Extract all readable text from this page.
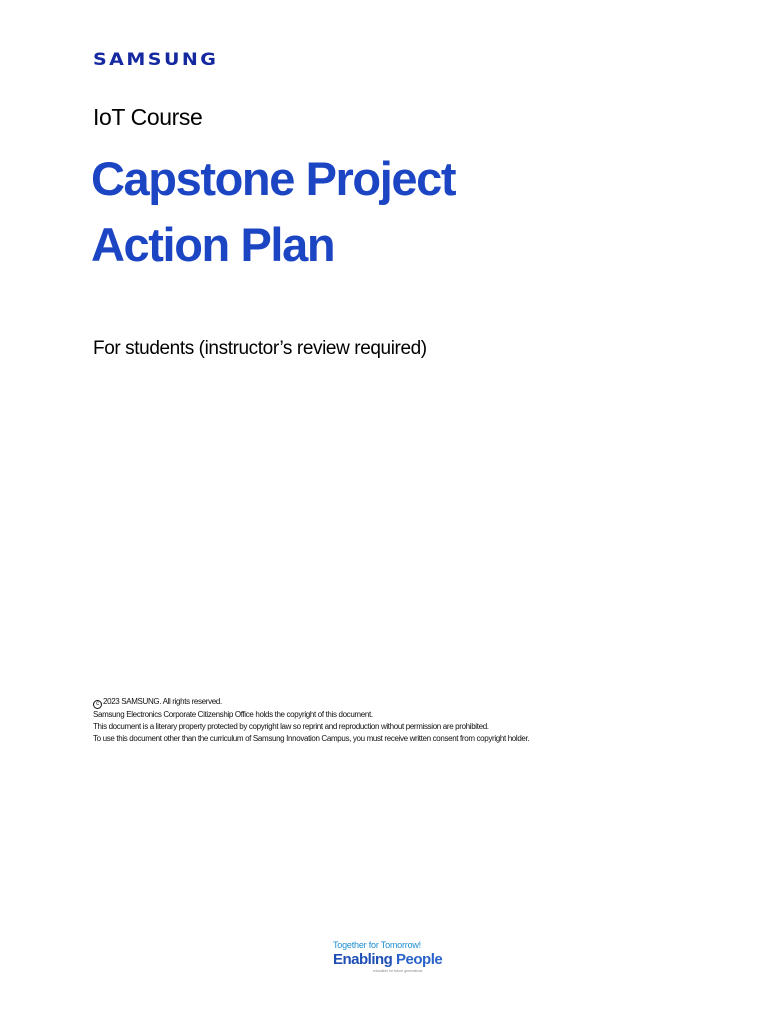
SAMSUNG
IoT Course
Capstone Project
Action Plan
For students (instructor’s review required)
c 2023 SAMSUNG. All rights reserved.
Samsung Electronics Corporate Citizenship Office holds the copyright of this document.
This document is a literary property protected by copyright law so reprint and reproduction without permission are prohibited.
To use this document other than the curriculum of Samsung Innovation Campus, you must receive written consent from copyright holder.
Together for Tomorrow!
Enabling People
education for future generations
